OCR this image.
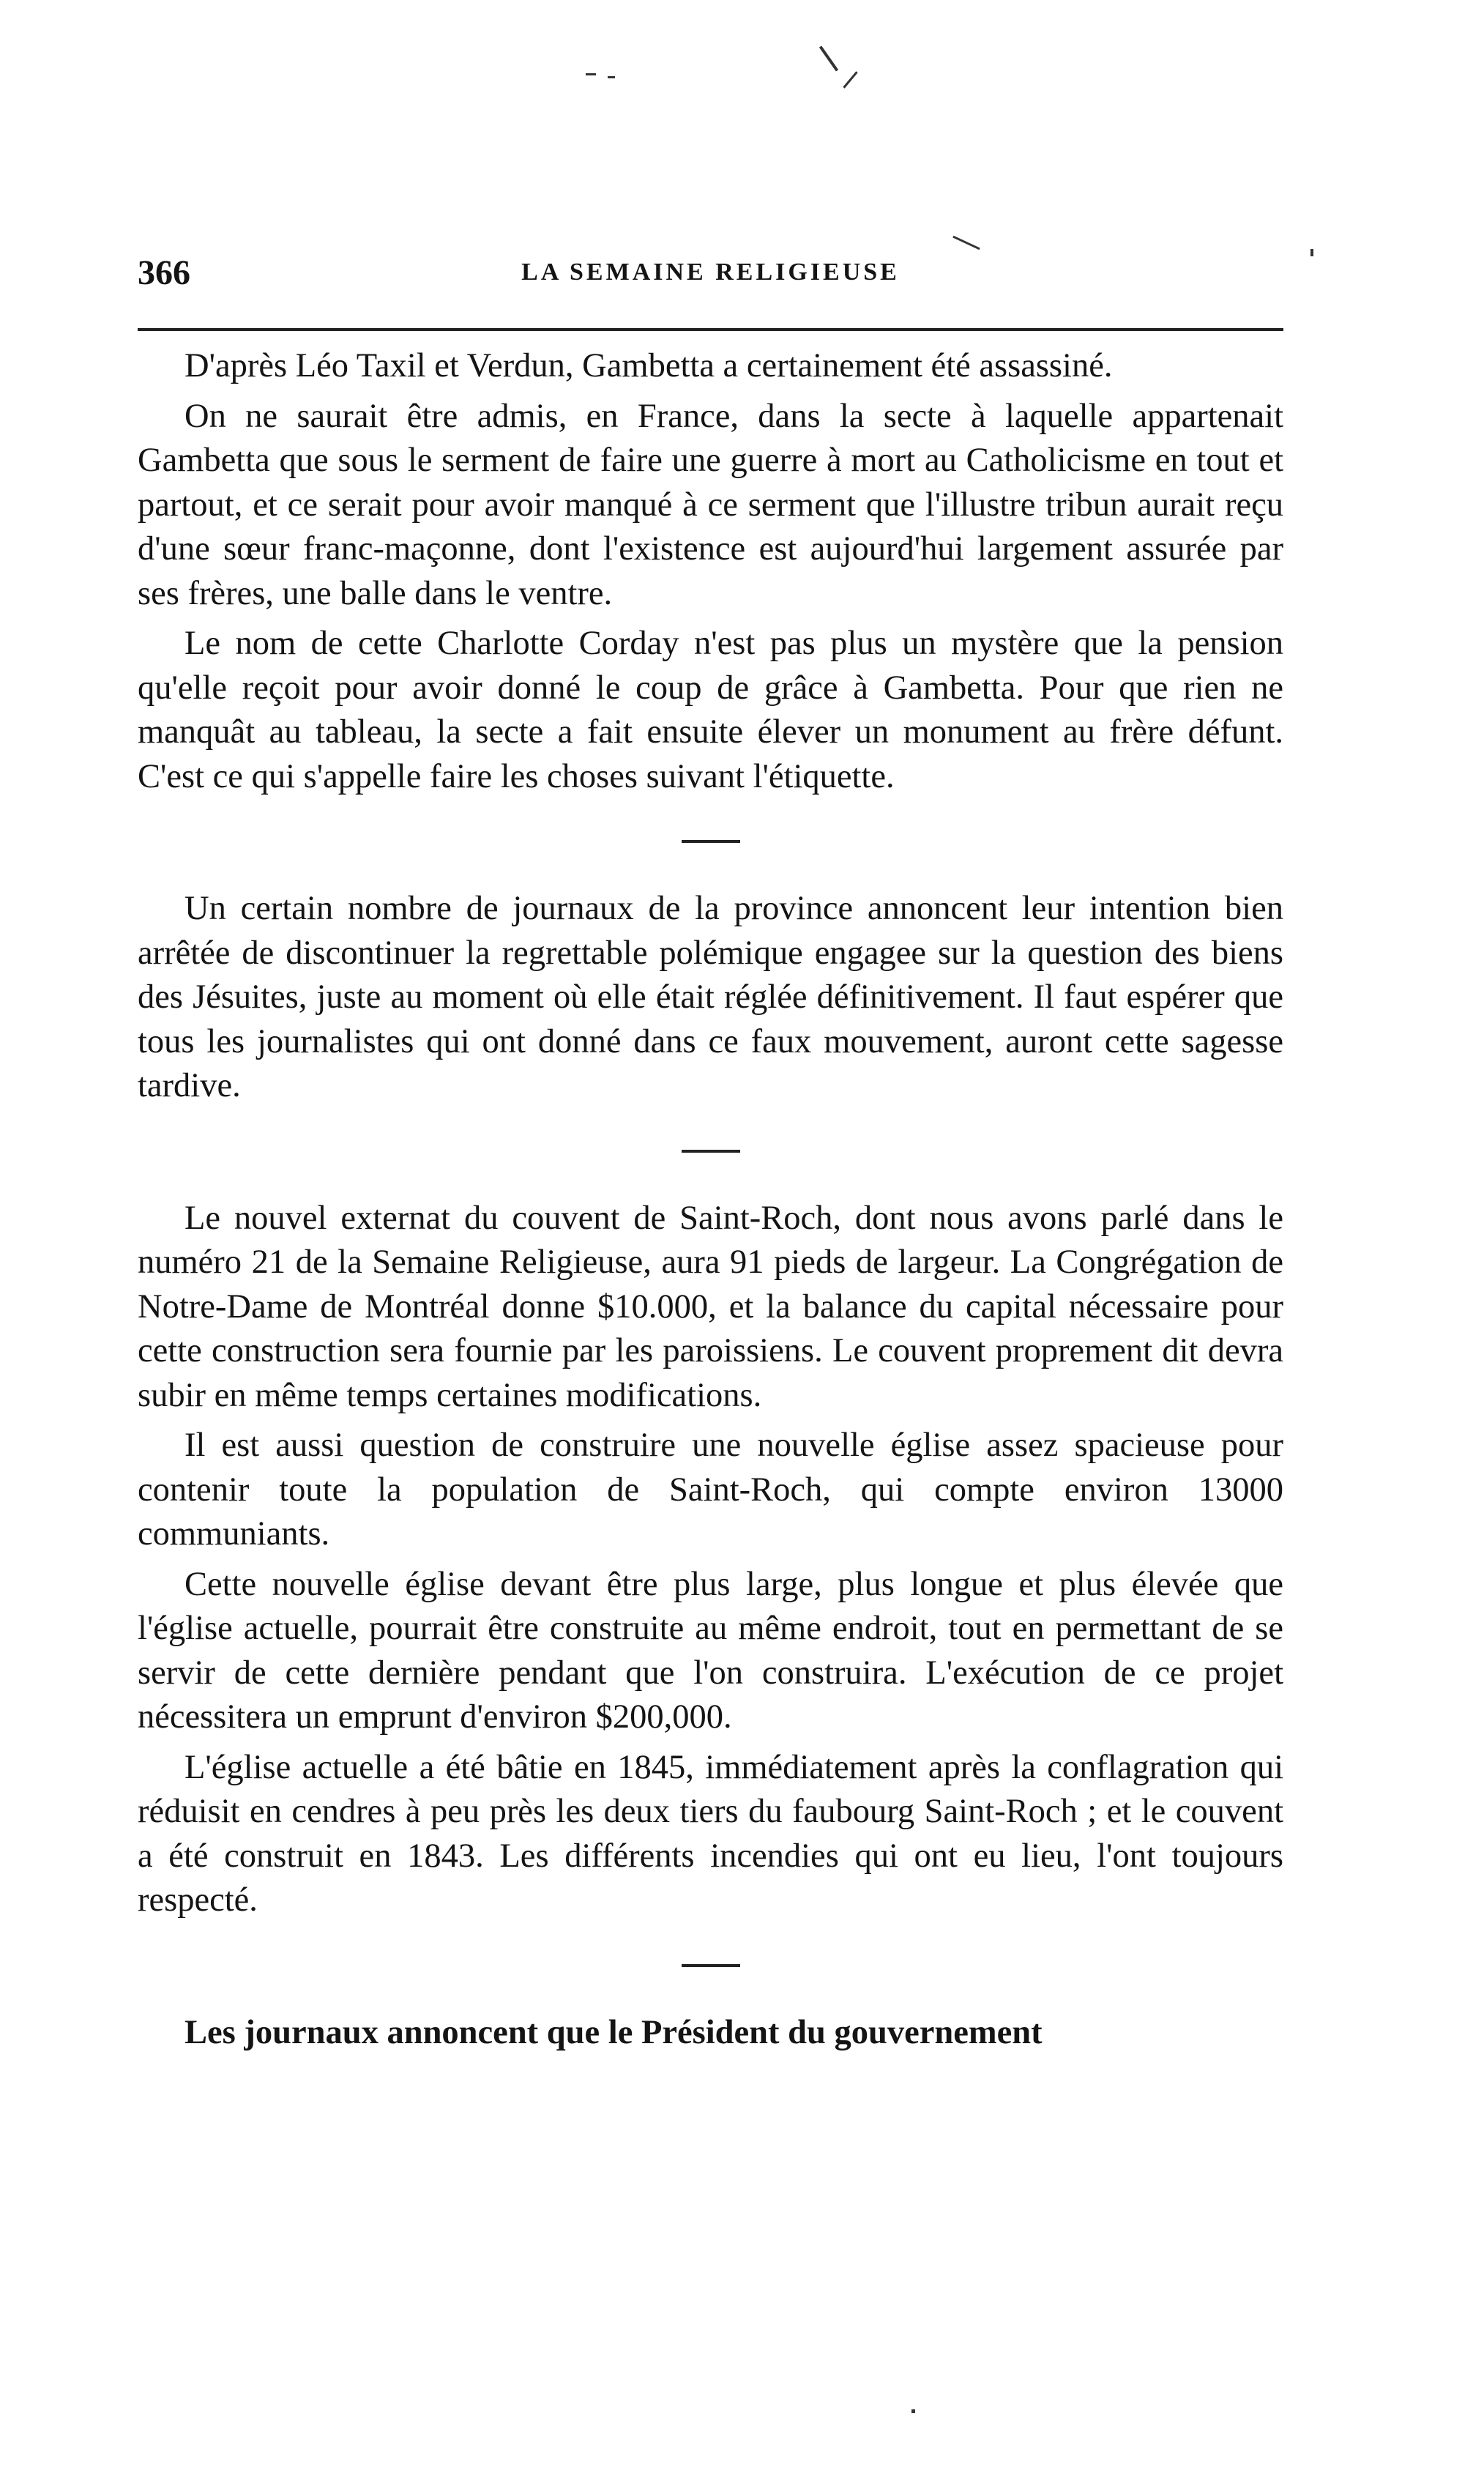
366	LA SEMAINE RELIGIEUSE

D'après Léo Taxil et Verdun, Gambetta a certainement été assassiné.

On ne saurait être admis, en France, dans la secte à laquelle appartenait Gambetta que sous le serment de faire une guerre à mort au Catholicisme en tout et partout, et ce serait pour avoir manqué à ce serment que l'illustre tribun aurait reçu d'une sœur franc-maçonne, dont l'existence est aujourd'hui largement assurée par ses frères, une balle dans le ventre.

Le nom de cette Charlotte Corday n'est pas plus un mystère que la pension qu'elle reçoit pour avoir donné le coup de grâce à Gambetta. Pour que rien ne manquât au tableau, la secte a fait ensuite élever un monument au frère défunt. C'est ce qui s'appelle faire les choses suivant l'étiquette.

Un certain nombre de journaux de la province annoncent leur intention bien arrêtée de discontinuer la regrettable polémique engagee sur la question des biens des Jésuites, juste au moment où elle était réglée définitivement. Il faut espérer que tous les journalistes qui ont donné dans ce faux mouvement, auront cette sagesse tardive.

Le nouvel externat du couvent de Saint-Roch, dont nous avons parlé dans le numéro 21 de la Semaine Religieuse, aura 91 pieds de largeur. La Congrégation de Notre-Dame de Montréal donne $10.000, et la balance du capital nécessaire pour cette construction sera fournie par les paroissiens. Le couvent proprement dit devra subir en même temps certaines modifications.

Il est aussi question de construire une nouvelle église assez spacieuse pour contenir toute la population de Saint-Roch, qui compte environ 13000 communiants.

Cette nouvelle église devant être plus large, plus longue et plus élevée que l'église actuelle, pourrait être construite au même endroit, tout en permettant de se servir de cette dernière pendant que l'on construira. L'exécution de ce projet nécessitera un emprunt d'environ $200,000.

L'église actuelle a été bâtie en 1845, immédiatement après la conflagration qui réduisit en cendres à peu près les deux tiers du faubourg Saint-Roch ; et le couvent a été construit en 1843. Les différents incendies qui ont eu lieu, l'ont toujours respecté.

Les journaux annoncent que le Président du gouvernement
